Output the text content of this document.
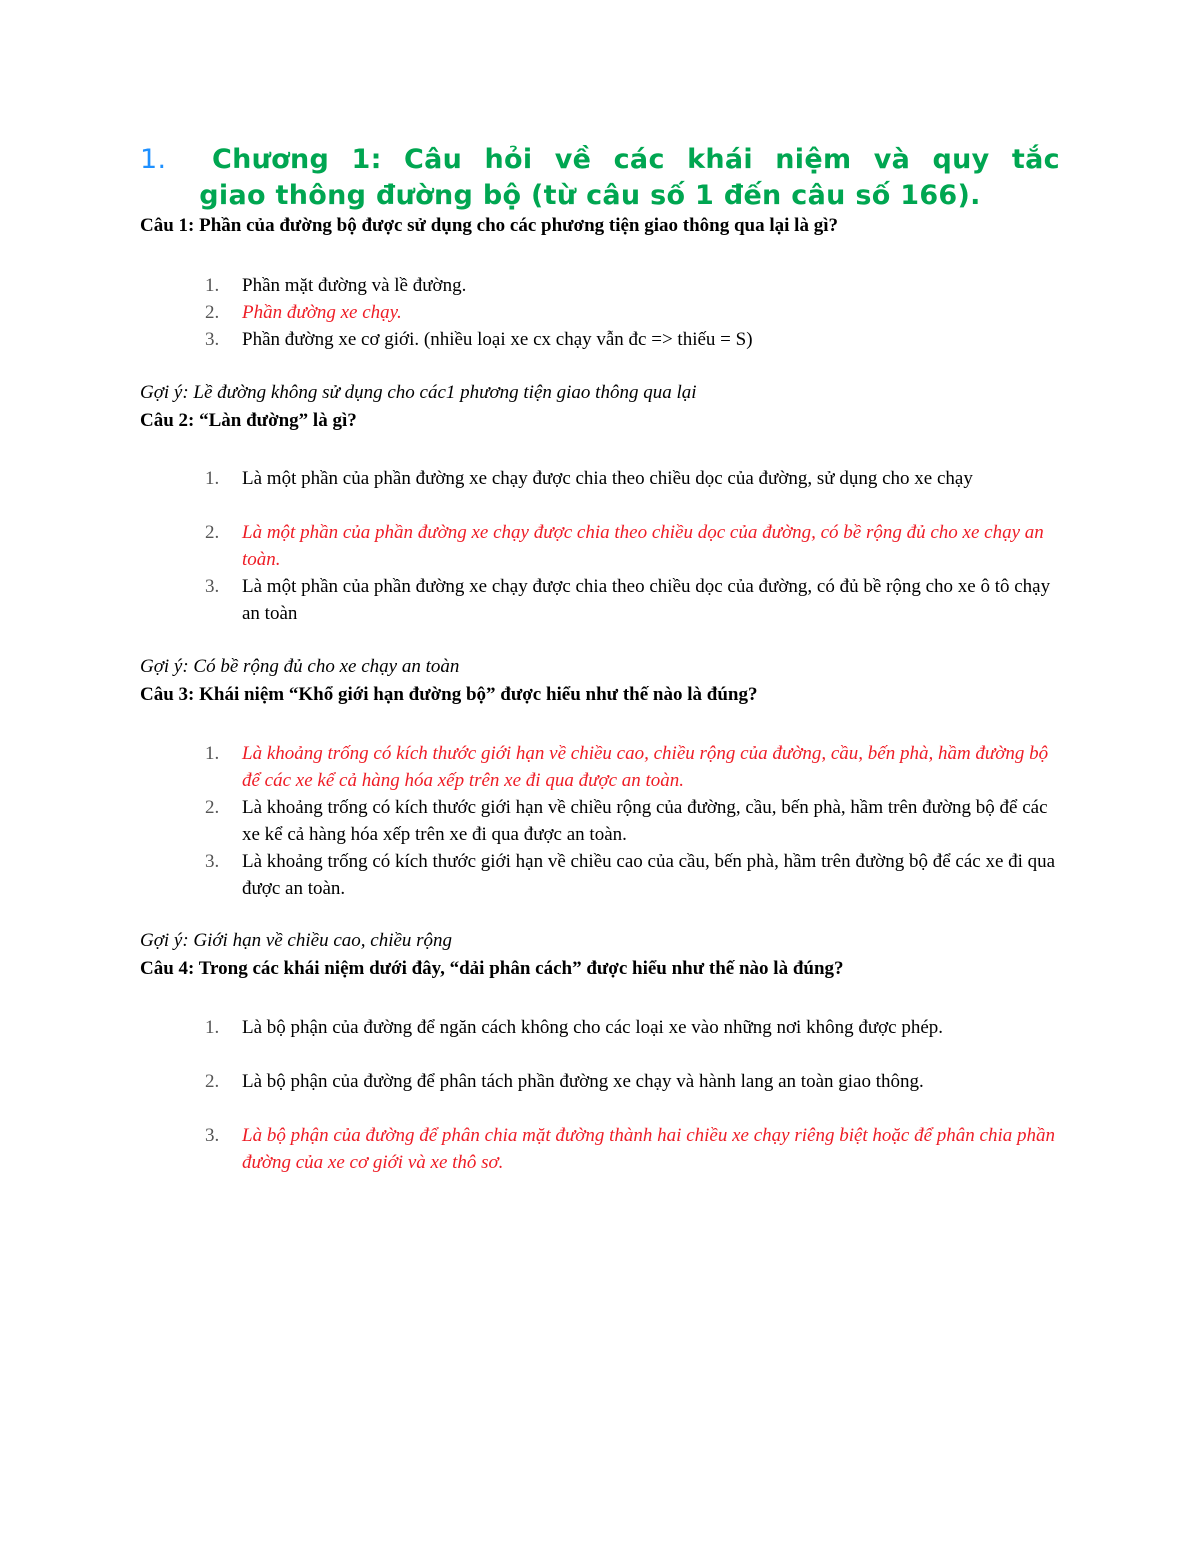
1.	Chương 1: Câu hỏi về các khái niệm và quy tắc
giao thông đường bộ (từ câu số 1 đến câu số 166).
Câu 1: Phần của đường bộ được sử dụng cho các phương tiện giao thông qua lại là gì?
1.	Phần mặt đường và lề đường.
2.	Phần đường xe chạy.
3.	Phần đường xe cơ giới. (nhiều loại xe cx chạy vẫn đc => thiếu = S)
Gợi ý: Lề đường không sử dụng cho các1 phương tiện giao thông qua lại
Câu 2: “Làn đường” là gì?
1.	Là một phần của phần đường xe chạy được chia theo chiều dọc của đường, sử dụng cho xe chạy
2.	Là một phần của phần đường xe chạy được chia theo chiều dọc của đường, có bề rộng đủ cho xe chạy an toàn.
3.	Là một phần của phần đường xe chạy được chia theo chiều dọc của đường, có đủ bề rộng cho xe ô tô chạy an toàn
Gợi ý: Có bề rộng đủ cho xe chạy an toàn
Câu 3: Khái niệm “Khổ giới hạn đường bộ” được hiểu như thế nào là đúng?
1.	Là khoảng trống có kích thước giới hạn về chiều cao, chiều rộng của đường, cầu, bến phà, hầm đường bộ để các xe kể cả hàng hóa xếp trên xe đi qua được an toàn.
2.	Là khoảng trống có kích thước giới hạn về chiều rộng của đường, cầu, bến phà, hầm trên đường bộ để các xe kể cả hàng hóa xếp trên xe đi qua được an toàn.
3.	Là khoảng trống có kích thước giới hạn về chiều cao của cầu, bến phà, hầm trên đường bộ để các xe đi qua được an toàn.
Gợi ý: Giới hạn về chiều cao, chiều rộng
Câu 4: Trong các khái niệm dưới đây, “dải phân cách” được hiểu như thế nào là đúng?
1.	Là bộ phận của đường để ngăn cách không cho các loại xe vào những nơi không được phép.
2.	Là bộ phận của đường để phân tách phần đường xe chạy và hành lang an toàn giao thông.
3.	Là bộ phận của đường để phân chia mặt đường thành hai chiều xe chạy riêng biệt hoặc để phân chia phần đường của xe cơ giới và xe thô sơ.
